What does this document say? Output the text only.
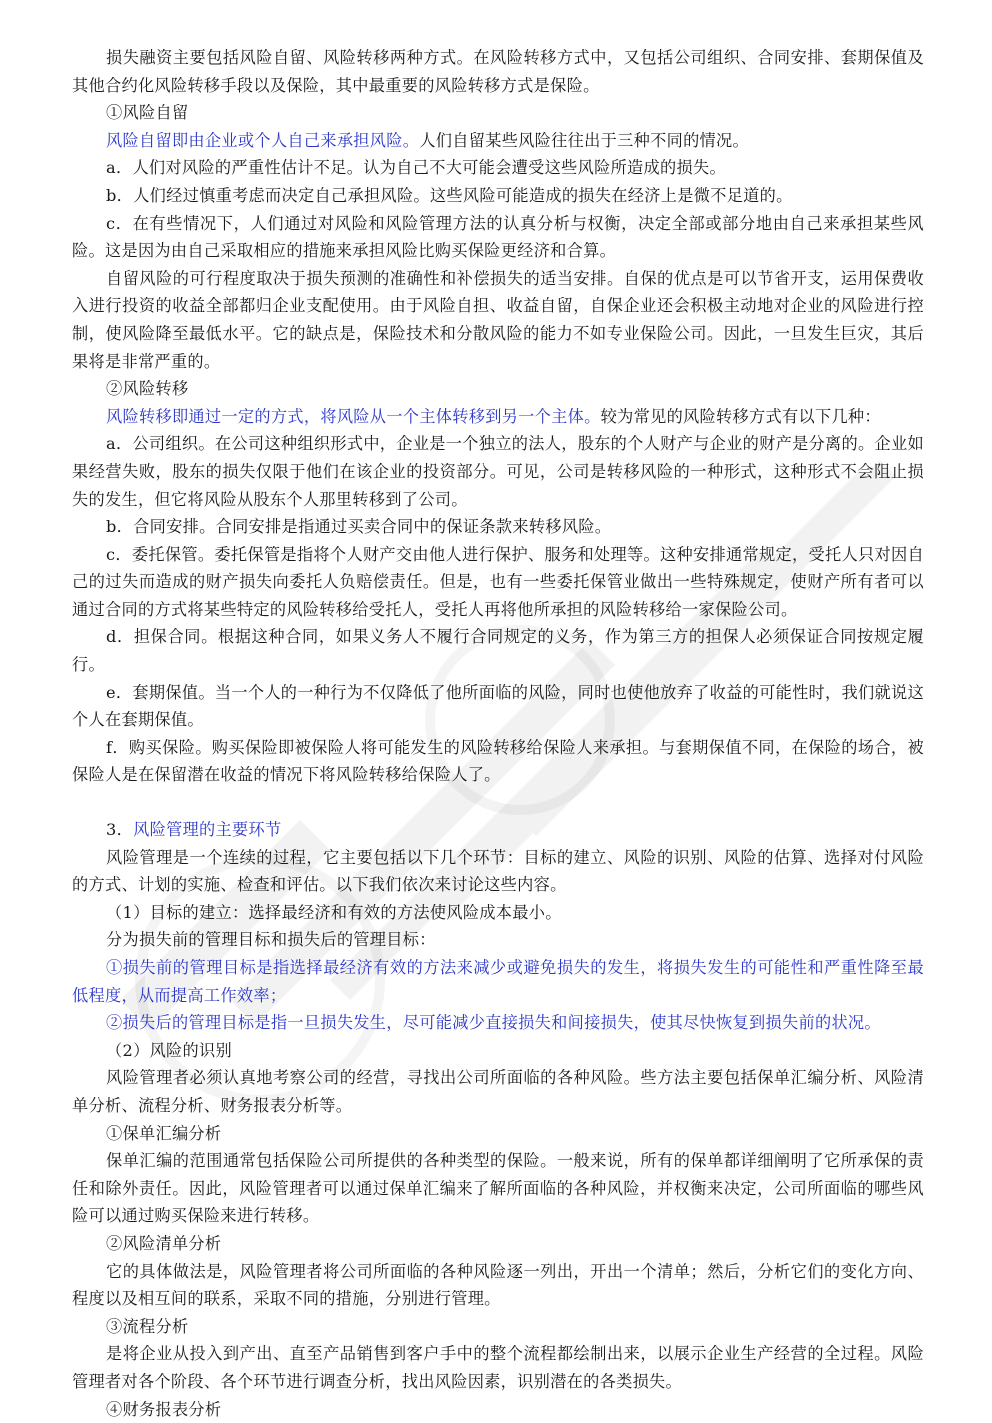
损失融资主要包括风险自留、风险转移两种方式。在风险转移方式中，又包括公司组织、合同安排、套期保值及其他合约化风险转移手段以及保险，其中最重要的风险转移方式是保险。

①风险自留

风险自留即由企业或个人自己来承担风险。人们自留某些风险往往出于三种不同的情况。

a．人们对风险的严重性估计不足。认为自己不大可能会遭受这些风险所造成的损失。

b．人们经过慎重考虑而决定自己承担风险。这些风险可能造成的损失在经济上是微不足道的。

c．在有些情况下，人们通过对风险和风险管理方法的认真分析与权衡，决定全部或部分地由自己来承担某些风险。这是因为由自己采取相应的措施来承担风险比购买保险更经济和合算。

自留风险的可行程度取决于损失预测的准确性和补偿损失的适当安排。自保的优点是可以节省开支，运用保费收入进行投资的收益全部都归企业支配使用。由于风险自担、收益自留，自保企业还会积极主动地对企业的风险进行控制，使风险降至最低水平。它的缺点是，保险技术和分散风险的能力不如专业保险公司。因此，一旦发生巨灾，其后果将是非常严重的。

②风险转移

风险转移即通过一定的方式，将风险从一个主体转移到另一个主体。较为常见的风险转移方式有以下几种：

a．公司组织。在公司这种组织形式中，企业是一个独立的法人，股东的个人财产与企业的财产是分离的。企业如果经营失败，股东的损失仅限于他们在该企业的投资部分。可见，公司是转移风险的一种形式，这种形式不会阻止损失的发生，但它将风险从股东个人那里转移到了公司。

b．合同安排。合同安排是指通过买卖合同中的保证条款来转移风险。

c．委托保管。委托保管是指将个人财产交由他人进行保护、服务和处理等。这种安排通常规定，受托人只对因自己的过失而造成的财产损失向委托人负赔偿责任。但是，也有一些委托保管业做出一些特殊规定，使财产所有者可以通过合同的方式将某些特定的风险转移给受托人，受托人再将他所承担的风险转移给一家保险公司。

d．担保合同。根据这种合同，如果义务人不履行合同规定的义务，作为第三方的担保人必须保证合同按规定履行。

e．套期保值。当一个人的一种行为不仅降低了他所面临的风险，同时也使他放弃了收益的可能性时，我们就说这个人在套期保值。

f．购买保险。购买保险即被保险人将可能发生的风险转移给保险人来承担。与套期保值不同，在保险的场合，被保险人是在保留潜在收益的情况下将风险转移给保险人了。

3．风险管理的主要环节

风险管理是一个连续的过程，它主要包括以下几个环节：目标的建立、风险的识别、风险的估算、选择对付风险的方式、计划的实施、检查和评估。以下我们依次来讨论这些内容。

（1）目标的建立：选择最经济和有效的方法使风险成本最小。

分为损失前的管理目标和损失后的管理目标：

①损失前的管理目标是指选择最经济有效的方法来减少或避免损失的发生，将损失发生的可能性和严重性降至最低程度，从而提高工作效率；

②损失后的管理目标是指一旦损失发生，尽可能减少直接损失和间接损失，使其尽快恢复到损失前的状况。

（2）风险的识别

风险管理者必须认真地考察公司的经营，寻找出公司所面临的各种风险。些方法主要包括保单汇编分析、风险清单分析、流程分析、财务报表分析等。

①保单汇编分析

保单汇编的范围通常包括保险公司所提供的各种类型的保险。一般来说，所有的保单都详细阐明了它所承保的责任和除外责任。因此，风险管理者可以通过保单汇编来了解所面临的各种风险，并权衡来决定，公司所面临的哪些风险可以通过购买保险来进行转移。

②风险清单分析

它的具体做法是，风险管理者将公司所面临的各种风险逐一列出，开出一个清单；然后，分析它们的变化方向、程度以及相互间的联系，采取不同的措施，分别进行管理。

③流程分析

是将企业从投入到产出、直至产品销售到客户手中的整个流程都绘制出来，以展示企业生产经营的全过程。风险管理者对各个阶段、各个环节进行调查分析，找出风险因素，识别潜在的各类损失。

④财务报表分析
